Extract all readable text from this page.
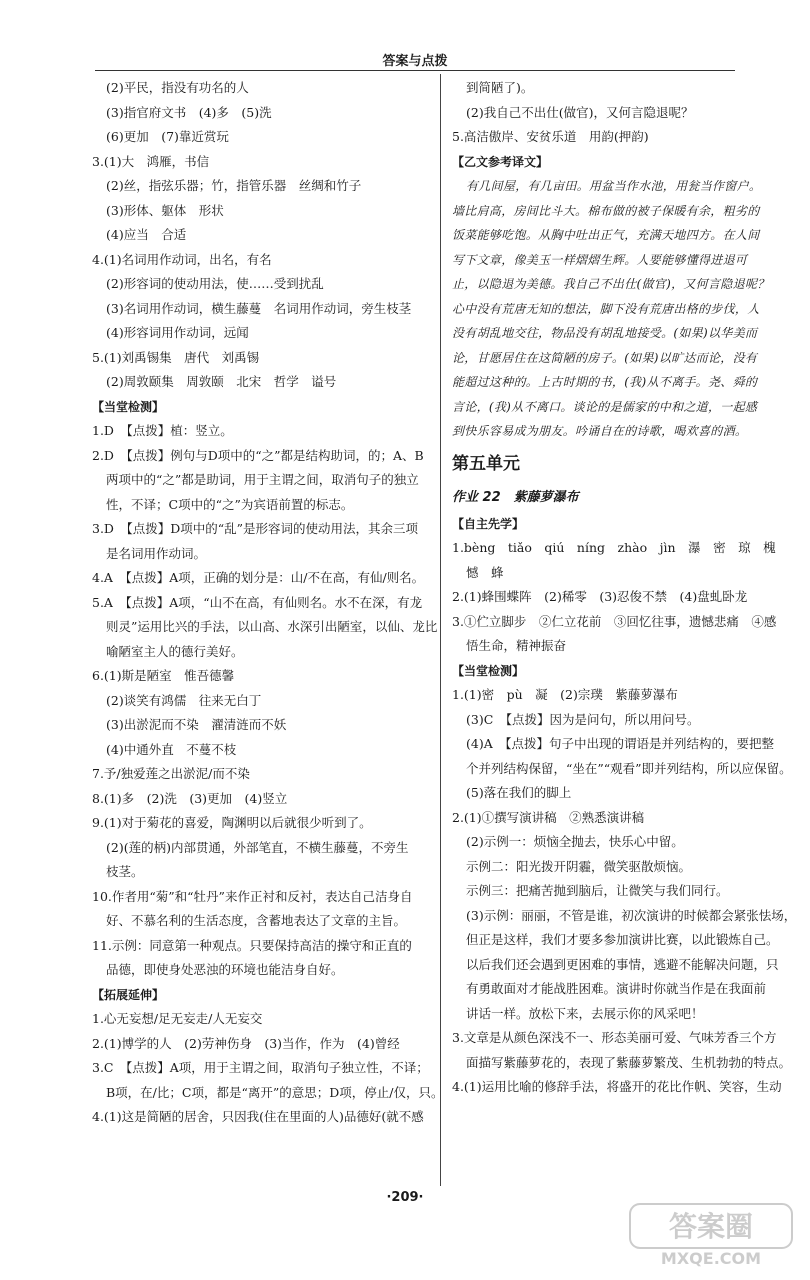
答案与点拨
(2)平民，指没有功名的人
(3)指官府文书　(4)多　(5)洗
(6)更加　(7)靠近赏玩
3.(1)大　鸿雁，书信
(2)丝，指弦乐器；竹，指管乐器　丝绸和竹子
(3)形体、躯体　形状
(4)应当　合适
4.(1)名词用作动词，出名，有名
(2)形容词的使动用法，使……受到扰乱
(3)名词用作动词，横生藤蔓　名词用作动词，旁生枝茎
(4)形容词用作动词，远闻
5.(1)刘禹锡集　唐代　刘禹锡
(2)周敦颐集　周敦颐　北宋　哲学　谥号
【当堂检测】
1.D　【点拨】植：竖立。
2.D　【点拨】例句与D项中的“之”都是结构助词，的；A、B
两项中的“之”都是助词，用于主谓之间，取消句子的独立
性，不译；C项中的“之”为宾语前置的标志。
3.D　【点拨】D项中的“乱”是形容词的使动用法，其余三项
是名词用作动词。
4.A　【点拨】A项，正确的划分是：山/不在高，有仙/则名。
5.A　【点拨】A项，“山不在高，有仙则名。水不在深，有龙
则灵”运用比兴的手法，以山高、水深引出陋室，以仙、龙比
喻陋室主人的德行美好。
6.(1)斯是陋室　惟吾德馨
(2)谈笑有鸿儒　往来无白丁
(3)出淤泥而不染　濯清涟而不妖
(4)中通外直　不蔓不枝
7.予/独爱莲之出淤泥/而不染
8.(1)多　(2)洗　(3)更加　(4)竖立
9.(1)对于菊花的喜爱，陶渊明以后就很少听到了。
(2)(莲的柄)内部贯通，外部笔直，不横生藤蔓，不旁生
枝茎。
10.作者用“菊”和“牡丹”来作正衬和反衬，表达自己洁身自
好、不慕名利的生活态度，含蓄地表达了文章的主旨。
11.示例：同意第一种观点。只要保持高洁的操守和正直的
品德，即使身处恶浊的环境也能洁身自好。
【拓展延伸】
1.心无妄想/足无妄走/人无妄交
2.(1)博学的人　(2)劳神伤身　(3)当作，作为　(4)曾经
3.C　【点拨】A项，用于主谓之间，取消句子独立性，不译；
B项，在/比；C项，都是“离开”的意思；D项，停止/仅，只。
4.(1)这是简陋的居舍，只因我(住在里面的人)品德好(就不感
到简陋了)。
(2)我自己不出仕(做官)，又何言隐退呢？
5.高洁傲岸、安贫乐道　用韵(押韵)
【乙文参考译文】
有几间屋，有几亩田。用盆当作水池，用瓮当作窗户。
墙比肩高，房间比斗大。棉布做的被子保暖有余，粗劣的
饭菜能够吃饱。从胸中吐出正气，充满天地四方。在人间
写下文章，像美玉一样熠熠生辉。人要能够懂得进退可
止，以隐退为美德。我自己不出仕(做官)，又何言隐退呢？
心中没有荒唐无知的想法，脚下没有荒唐出格的步伐，人
没有胡乱地交往，物品没有胡乱地接受。(如果)以华美而
论，甘愿居住在这简陋的房子。(如果)以旷达而论，没有
能超过这种的。上古时期的书，(我)从不离手。尧、舜的
言论，(我)从不离口。谈论的是儒家的中和之道，一起感
到快乐容易成为朋友。吟诵自在的诗歌，喝欢喜的酒。
第五单元
作业 22　紫藤萝瀑布
【自主先学】
1.bèng　tiǎo　qiú　níng　zhào　jìn　瀑　密　琼　槐
憾　蜂
2.(1)蜂围蝶阵　(2)稀零　(3)忍俊不禁　(4)盘虬卧龙
3.①伫立脚步　②仁立花前　③回忆往事，遗憾悲痛　④感
悟生命，精神振奋
【当堂检测】
1.(1)密　pù　凝　(2)宗璞　紫藤萝瀑布
(3)C　【点拨】因为是问句，所以用问号。
(4)A　【点拨】句子中出现的谓语是并列结构的，要把整
个并列结构保留，“坐在”“观看”即并列结构，所以应保留。
(5)落在我们的脚上
2.(1)①撰写演讲稿　②熟悉演讲稿
(2)示例一：烦恼全抛去，快乐心中留。
示例二：阳光拨开阴霾，微笑驱散烦恼。
示例三：把痛苦抛到脑后，让微笑与我们同行。
(3)示例：丽丽，不管是谁，初次演讲的时候都会紧张怯场，
但正是这样，我们才要多参加演讲比赛，以此锻炼自己。
以后我们还会遇到更困难的事情，逃避不能解决问题，只
有勇敢面对才能战胜困难。演讲时你就当作是在我面前
讲话一样。放松下来，去展示你的风采吧！
3.文章是从颜色深浅不一、形态美丽可爱、气味芳香三个方
面描写紫藤萝花的，表现了紫藤萝繁茂、生机勃勃的特点。
4.(1)运用比喻的修辞手法，将盛开的花比作帆、笑容，生动
·209·
答案圈
MXQE.COM
